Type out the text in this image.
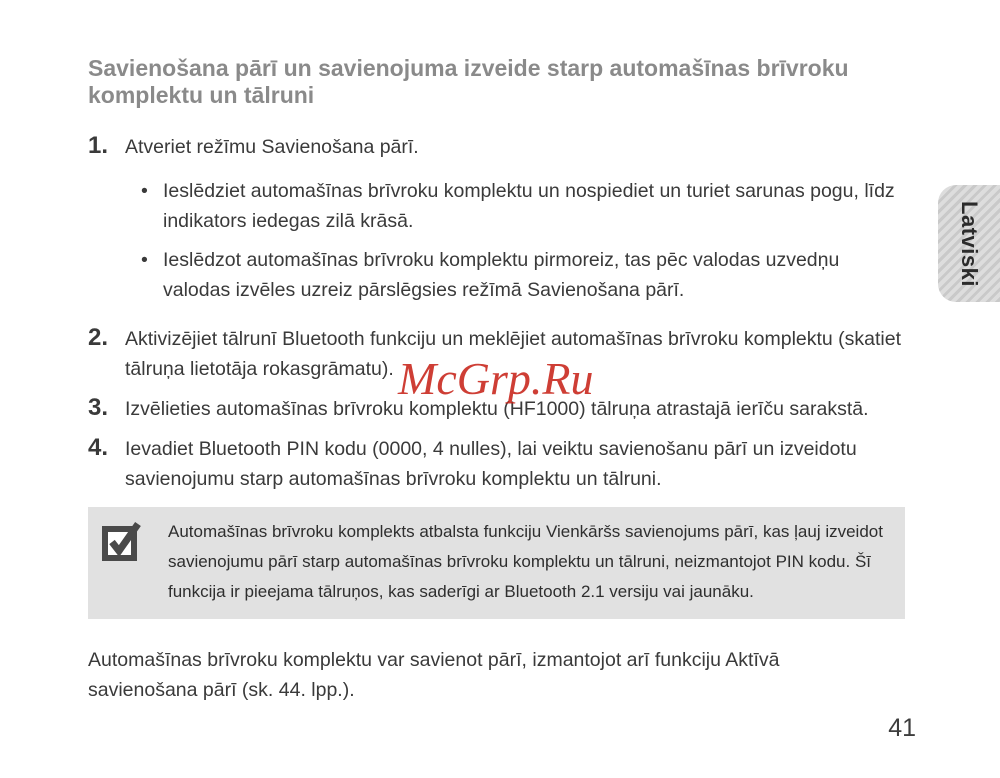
Savienošana pārī un savienojuma izveide starp automašīnas brīvroku komplektu un tālruni
1. Atveriet režīmu Savienošana pārī.
• Ieslēdziet automašīnas brīvroku komplektu un nospiediet un turiet sarunas pogu, līdz indikators iedegas zilā krāsā.
• Ieslēdzot automašīnas brīvroku komplektu pirmoreiz, tas pēc valodas uzvedņu valodas izvēles uzreiz pārslēgsies režīmā Savienošana pārī.
2. Aktivizējiet tālrunī Bluetooth funkciju un meklējiet automašīnas brīvroku komplektu (skatiet tālruņa lietotāja rokasgrāmatu).
3. Izvēlieties automašīnas brīvroku komplektu (HF1000) tālruņa atrastajā ierīču sarakstā.
4. Ievadiet Bluetooth PIN kodu (0000, 4 nulles), lai veiktu savienošanu pārī un izveidotu savienojumu starp automašīnas brīvroku komplektu un tālruni.
Automašīnas brīvroku komplekts atbalsta funkciju Vienkāršs savienojums pārī, kas ļauj izveidot savienojumu pārī starp automašīnas brīvroku komplektu un tālruni, neizmantojot PIN kodu. Šī funkcija ir pieejama tālruņos, kas saderīgi ar Bluetooth 2.1 versiju vai jaunāku.
Automašīnas brīvroku komplektu var savienot pārī, izmantojot arī funkciju Aktīvā savienošana pārī (sk. 44. lpp.).
Latviski
McGrp.Ru
41
